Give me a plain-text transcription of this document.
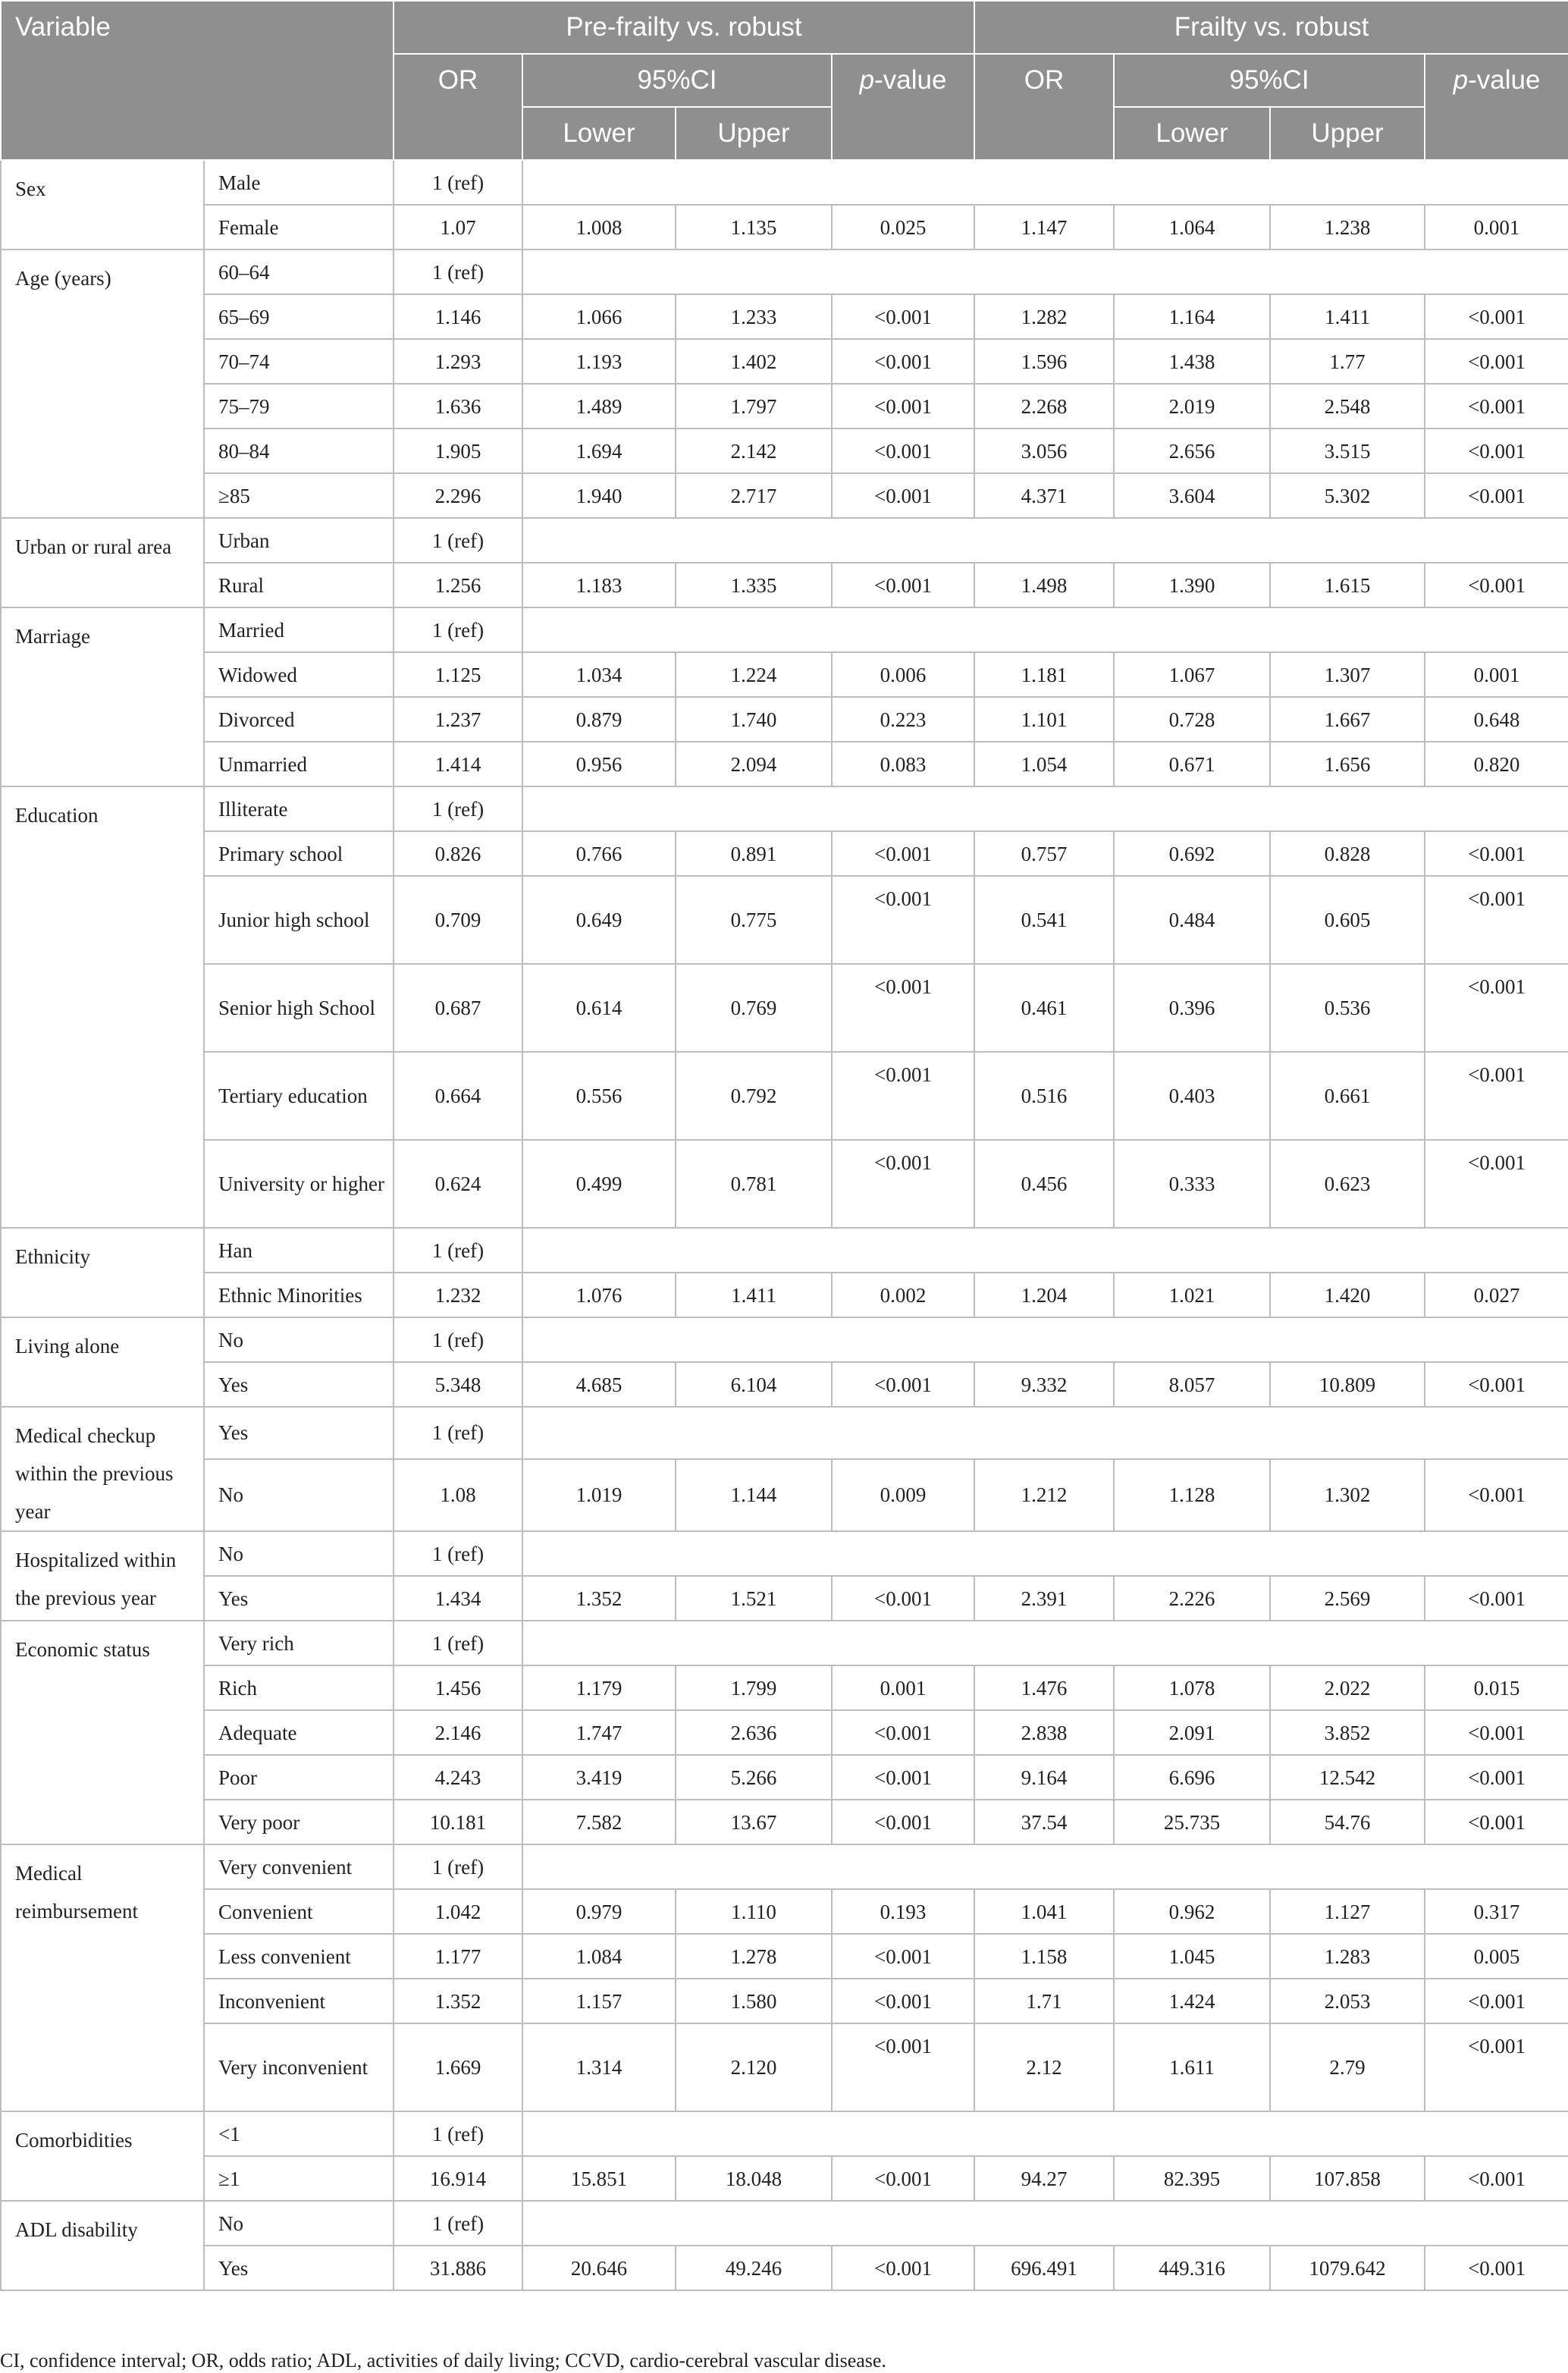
Variable		Pre-frailty vs. robust				Frailty vs. robust			
		OR	95%CI		p-value	OR	95%CI		p-value
			Lower	Upper			Lower	Upper	
Sex	Male	1 (ref)							
	Female	1.07	1.008	1.135	0.025	1.147	1.064	1.238	0.001
Age (years)	60–64	1 (ref)							
	65–69	1.146	1.066	1.233	<0.001	1.282	1.164	1.411	<0.001
	70–74	1.293	1.193	1.402	<0.001	1.596	1.438	1.77	<0.001
	75–79	1.636	1.489	1.797	<0.001	2.268	2.019	2.548	<0.001
	80–84	1.905	1.694	2.142	<0.001	3.056	2.656	3.515	<0.001
	≥85	2.296	1.940	2.717	<0.001	4.371	3.604	5.302	<0.001
Urban or rural area	Urban	1 (ref)							
	Rural	1.256	1.183	1.335	<0.001	1.498	1.390	1.615	<0.001
Marriage	Married	1 (ref)							
	Widowed	1.125	1.034	1.224	0.006	1.181	1.067	1.307	0.001
	Divorced	1.237	0.879	1.740	0.223	1.101	0.728	1.667	0.648
	Unmarried	1.414	0.956	2.094	0.083	1.054	0.671	1.656	0.820
Education	Illiterate	1 (ref)							
	Primary school	0.826	0.766	0.891	<0.001	0.757	0.692	0.828	<0.001
	Junior high school	0.709	0.649	0.775	<0.001	0.541	0.484	0.605	<0.001
	Senior high School	0.687	0.614	0.769	<0.001	0.461	0.396	0.536	<0.001
	Tertiary education	0.664	0.556	0.792	<0.001	0.516	0.403	0.661	<0.001
	University or higher	0.624	0.499	0.781	<0.001	0.456	0.333	0.623	<0.001
Ethnicity	Han	1 (ref)							
	Ethnic Minorities	1.232	1.076	1.411	0.002	1.204	1.021	1.420	0.027
Living alone	No	1 (ref)							
	Yes	5.348	4.685	6.104	<0.001	9.332	8.057	10.809	<0.001
Medical checkup within the previous year	Yes	1 (ref)							
	No	1.08	1.019	1.144	0.009	1.212	1.128	1.302	<0.001
Hospitalized within the previous year	No	1 (ref)							
	Yes	1.434	1.352	1.521	<0.001	2.391	2.226	2.569	<0.001
Economic status	Very rich	1 (ref)							
	Rich	1.456	1.179	1.799	0.001	1.476	1.078	2.022	0.015
	Adequate	2.146	1.747	2.636	<0.001	2.838	2.091	3.852	<0.001
	Poor	4.243	3.419	5.266	<0.001	9.164	6.696	12.542	<0.001
	Very poor	10.181	7.582	13.67	<0.001	37.54	25.735	54.76	<0.001
Medical reimbursement	Very convenient	1 (ref)							
	Convenient	1.042	0.979	1.110	0.193	1.041	0.962	1.127	0.317
	Less convenient	1.177	1.084	1.278	<0.001	1.158	1.045	1.283	0.005
	Inconvenient	1.352	1.157	1.580	<0.001	1.71	1.424	2.053	<0.001
	Very inconvenient	1.669	1.314	2.120	<0.001	2.12	1.611	2.79	<0.001
Comorbidities	<1	1 (ref)							
	≥1	16.914	15.851	18.048	<0.001	94.27	82.395	107.858	<0.001
ADL disability	No	1 (ref)							
	Yes	31.886	20.646	49.246	<0.001	696.491	449.316	1079.642	<0.001
CI, confidence interval; OR, odds ratio; ADL, activities of daily living; CCVD, cardio-cerebral vascular disease.
